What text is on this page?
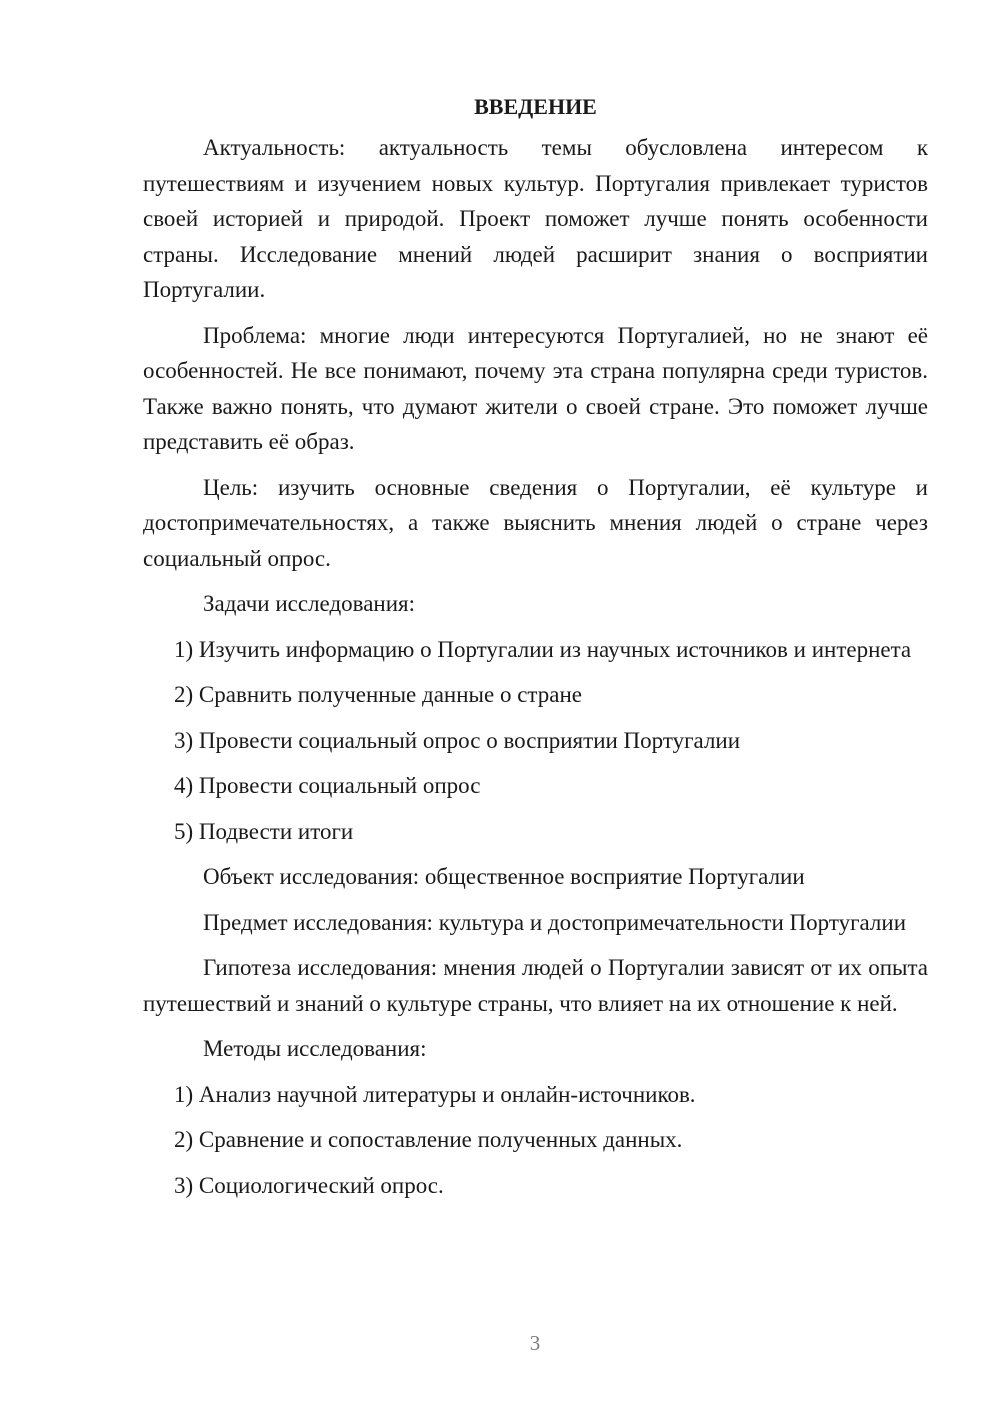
ВВЕДЕНИЕ

Актуальность: актуальность темы обусловлена интересом к путешествиям и изучением новых культур. Португалия привлекает туристов своей историей и природой. Проект поможет лучше понять особенности страны. Исследование мнений людей расширит знания о восприятии Португалии.

Проблема: многие люди интересуются Португалией, но не знают её особенностей. Не все понимают, почему эта страна популярна среди туристов. Также важно понять, что думают жители о своей стране. Это поможет лучше представить её образ.

Цель: изучить основные сведения о Португалии, её культуре и достопримечательностях, а также выяснить мнения людей о стране через социальный опрос.

Задачи исследования:

1) Изучить информацию о Португалии из научных источников и интернета

2) Сравнить полученные данные о стране

3) Провести социальный опрос о восприятии Португалии

4) Провести социальный опрос

5) Подвести итоги

Объект исследования: общественное восприятие Португалии

Предмет исследования: культура и достопримечательности Португалии

Гипотеза исследования: мнения людей о Португалии зависят от их опыта путешествий и знаний о культуре страны, что влияет на их отношение к ней.

Методы исследования:

1) Анализ научной литературы и онлайн-источников.

2) Сравнение и сопоставление полученных данных.

3) Социологический опрос.

3
